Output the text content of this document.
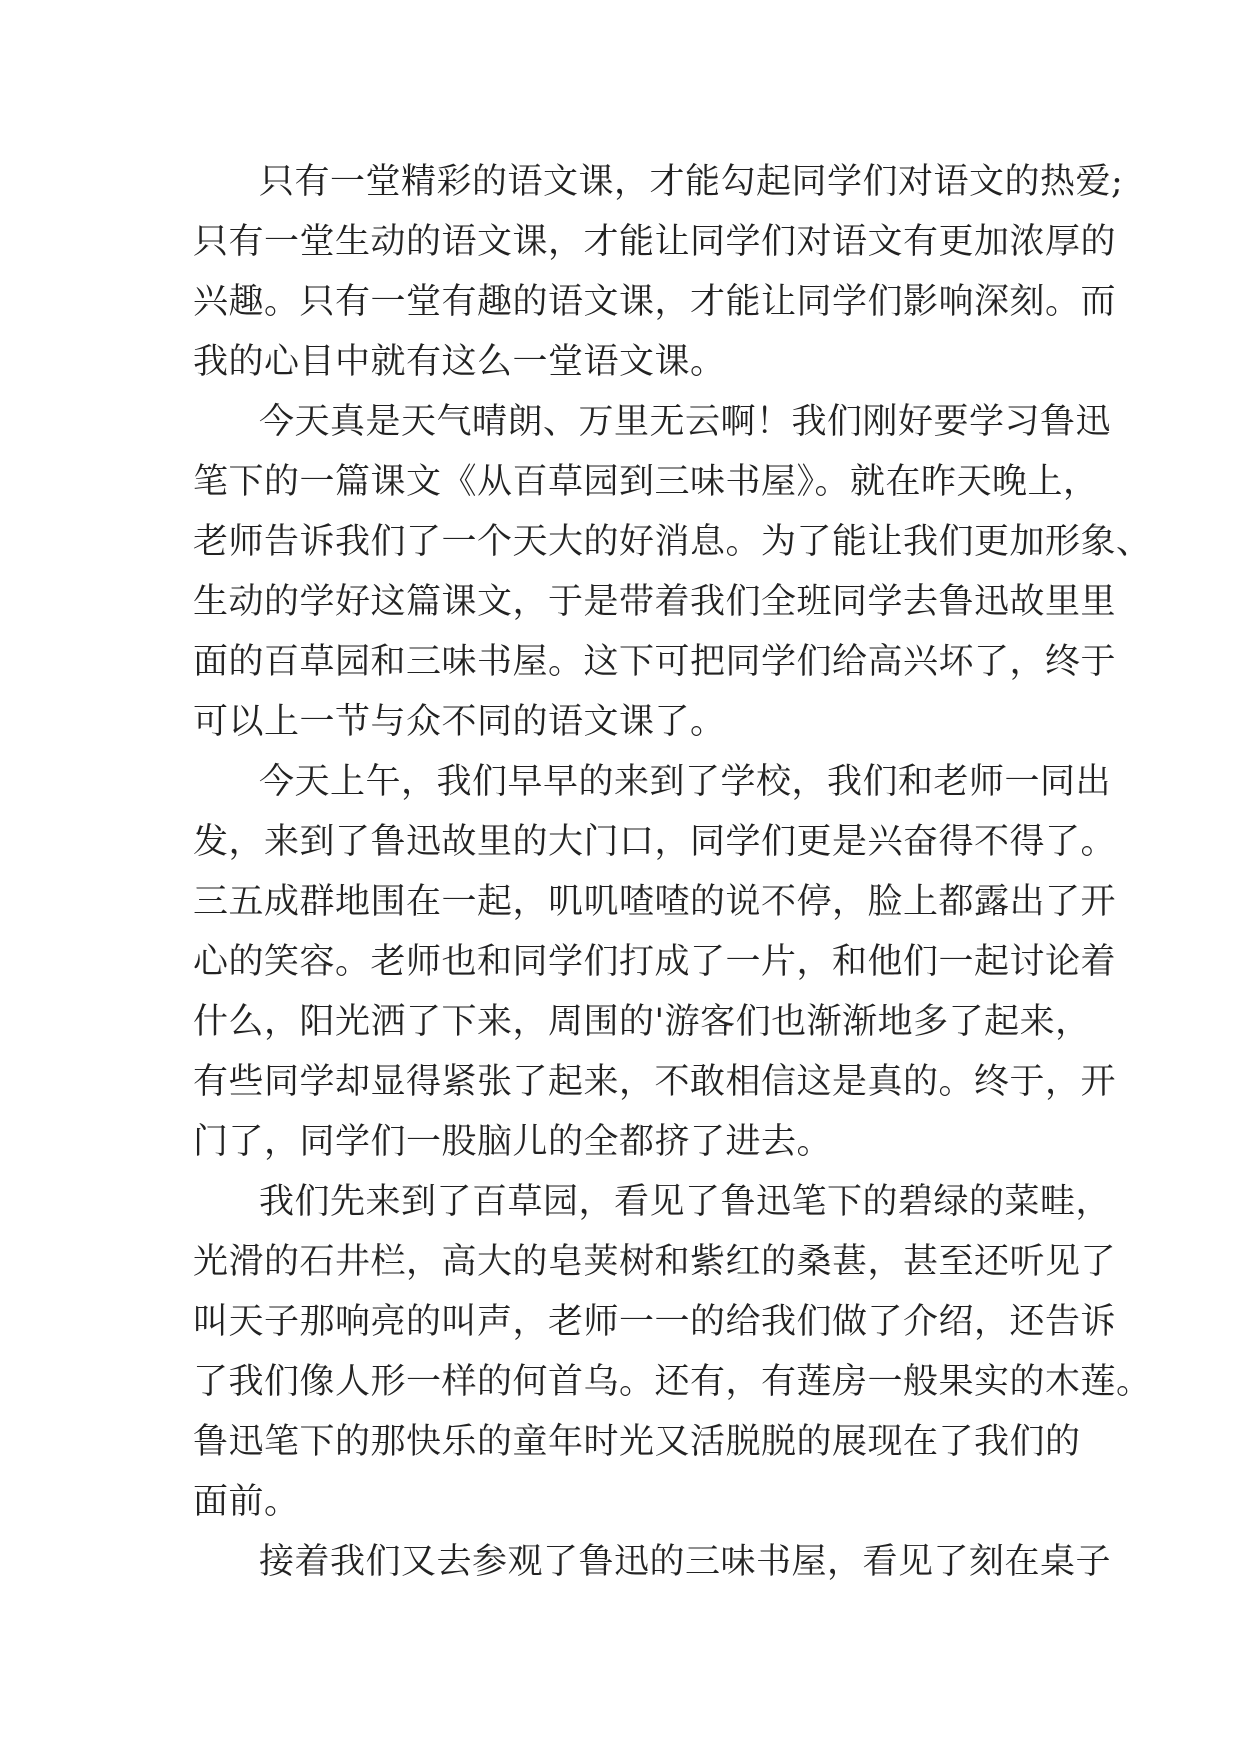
只有一堂精彩的语文课，才能勾起同学们对语文的热爱;
只有一堂生动的语文课，才能让同学们对语文有更加浓厚的
兴趣。只有一堂有趣的语文课，才能让同学们影响深刻。而
我的心目中就有这么一堂语文课。
今天真是天气晴朗、万里无云啊！我们刚好要学习鲁迅
笔下的一篇课文《从百草园到三味书屋》。就在昨天晚上，
老师告诉我们了一个天大的好消息。为了能让我们更加形象、
生动的学好这篇课文，于是带着我们全班同学去鲁迅故里里
面的百草园和三味书屋。这下可把同学们给高兴坏了，终于
可以上一节与众不同的语文课了。
今天上午，我们早早的来到了学校，我们和老师一同出
发，来到了鲁迅故里的大门口，同学们更是兴奋得不得了。
三五成群地围在一起，叽叽喳喳的说不停，脸上都露出了开
心的笑容。老师也和同学们打成了一片，和他们一起讨论着
什么，阳光洒了下来，周围的'游客们也渐渐地多了起来，
有些同学却显得紧张了起来，不敢相信这是真的。终于，开
门了，同学们一股脑儿的全都挤了进去。
我们先来到了百草园，看见了鲁迅笔下的碧绿的菜畦，
光滑的石井栏，高大的皂荚树和紫红的桑葚，甚至还听见了
叫天子那响亮的叫声，老师一一的给我们做了介绍，还告诉
了我们像人形一样的何首乌。还有，有莲房一般果实的木莲。
鲁迅笔下的那快乐的童年时光又活脱脱的展现在了我们的
面前。
接着我们又去参观了鲁迅的三味书屋，看见了刻在桌子
